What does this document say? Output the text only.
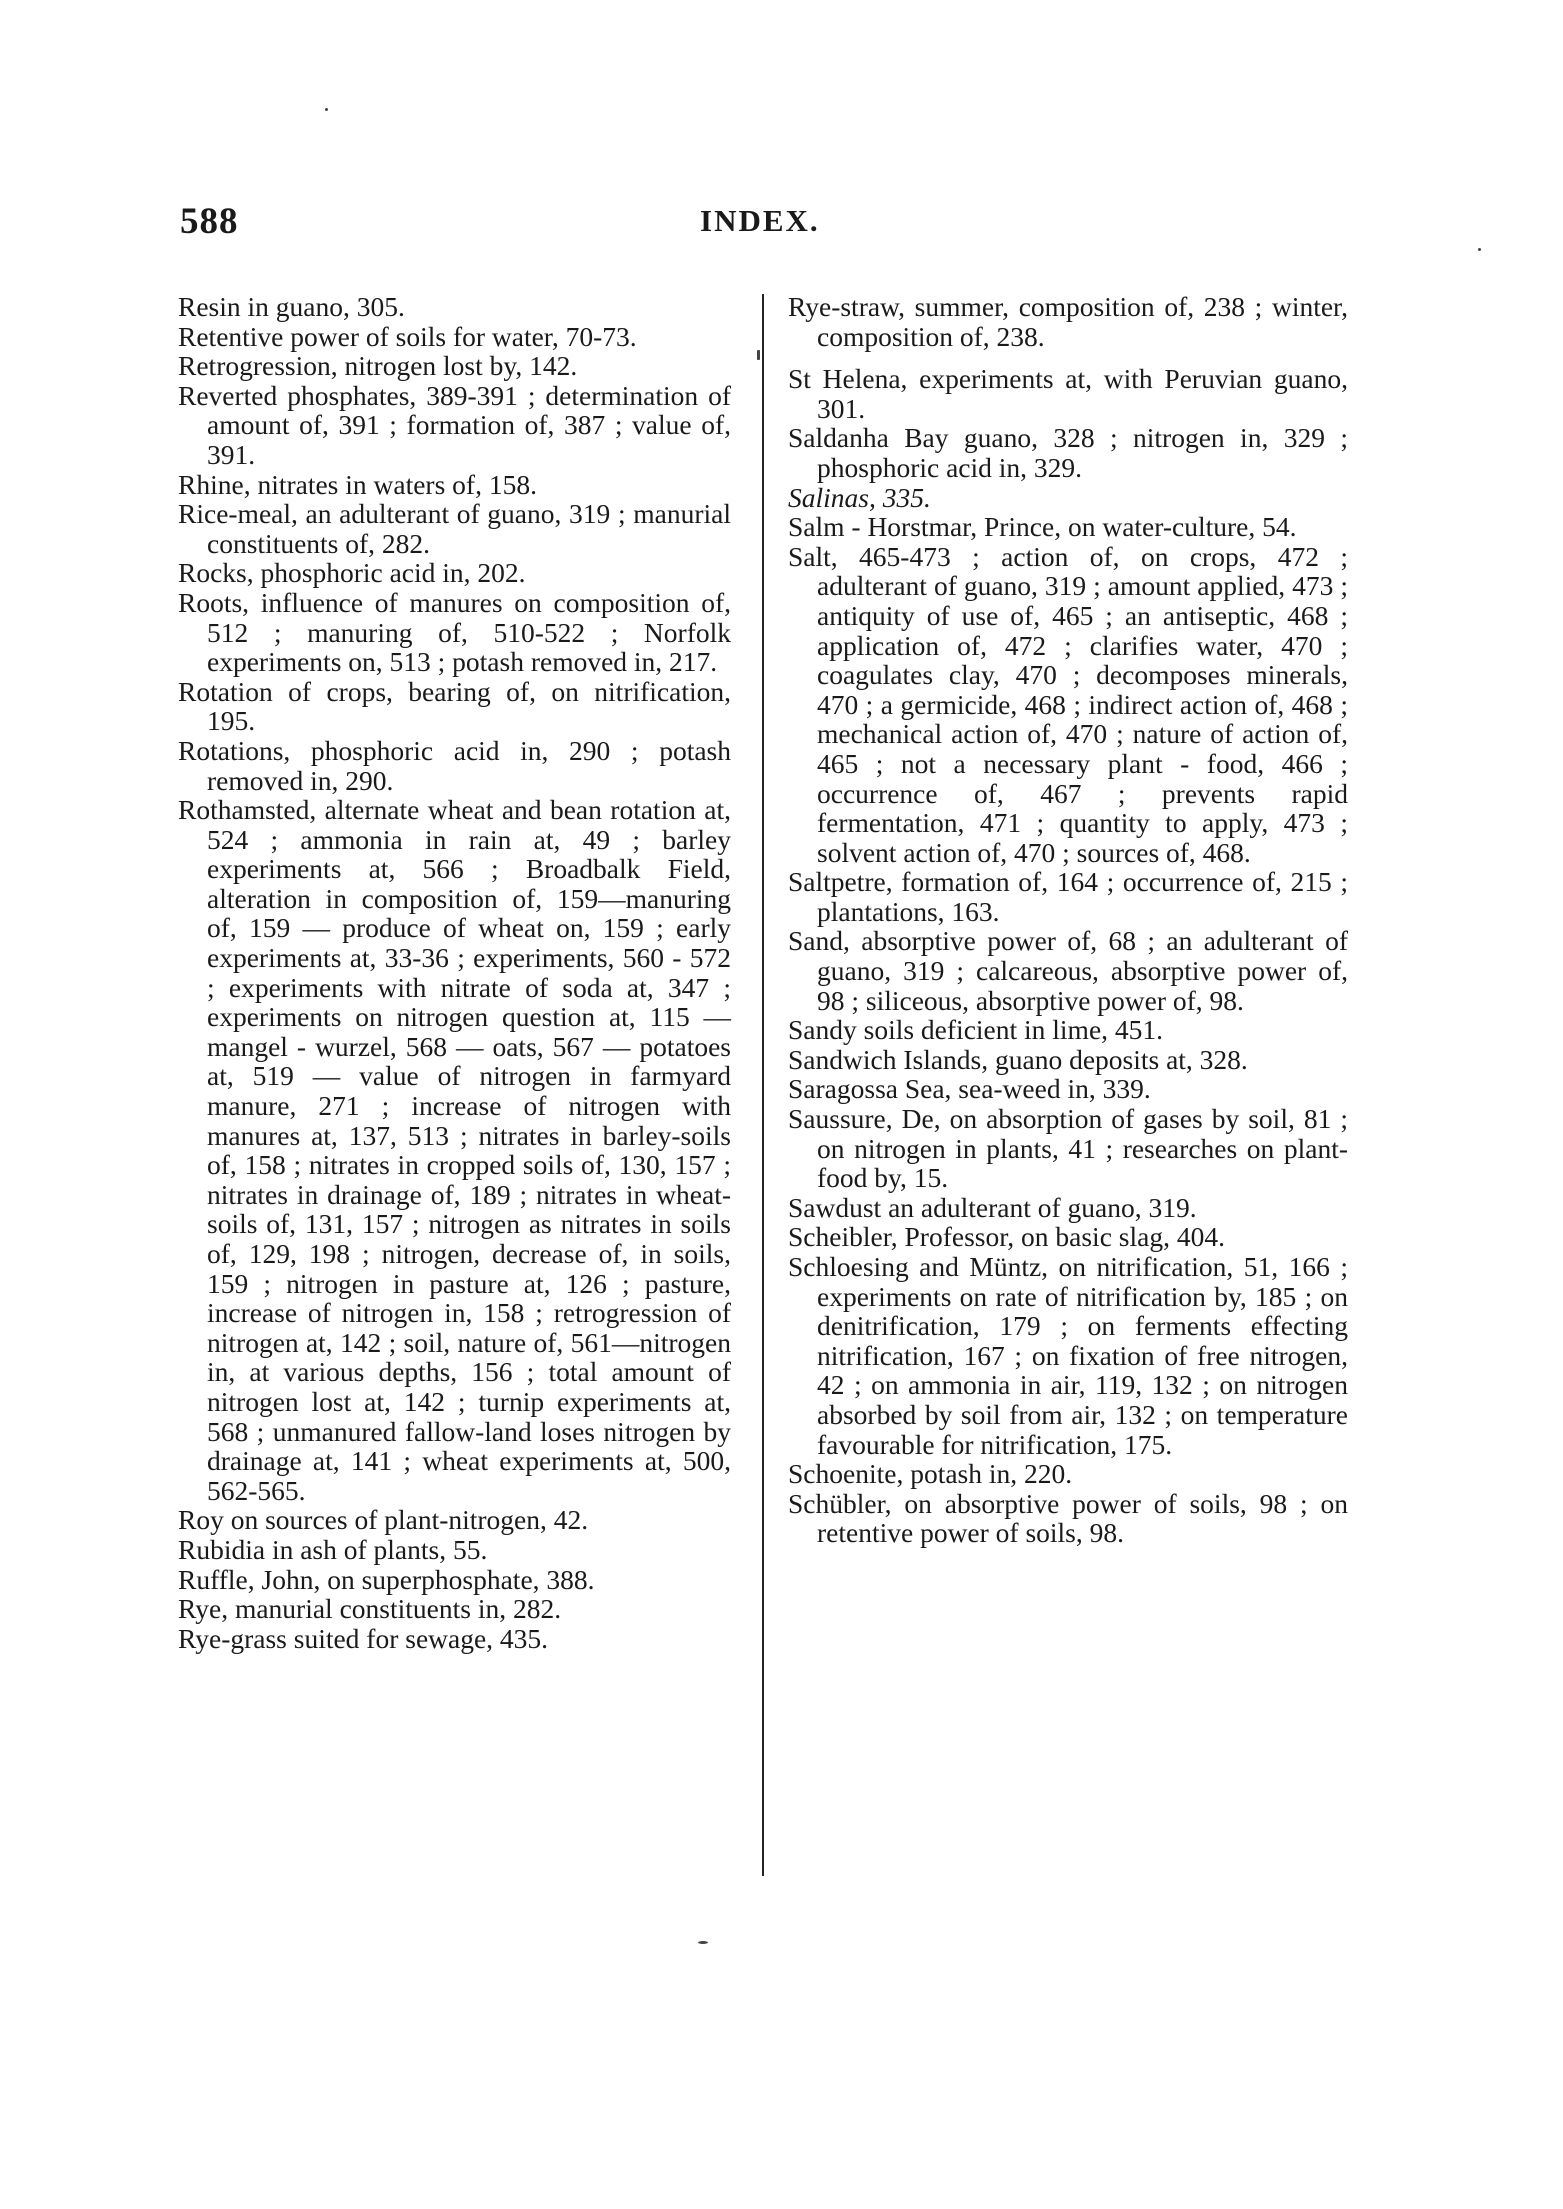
588	INDEX.

Resin in guano, 305.

Retentive power of soils for water, 70-73.

Retrogression, nitrogen lost by, 142.

Reverted phosphates, 389-391 ; determination of amount of, 391 ; formation of, 387 ; value of, 391.

Rhine, nitrates in waters of, 158.

Rice-meal, an adulterant of guano, 319 ; manurial constituents of, 282.

Rocks, phosphoric acid in, 202.

Roots, influence of manures on composition of, 512 ; manuring of, 510-522 ; Norfolk experiments on, 513 ; potash removed in, 217.

Rotation of crops, bearing of, on nitrification, 195.

Rotations, phosphoric acid in, 290 ; potash removed in, 290.

Rothamsted, alternate wheat and bean rotation at, 524 ; ammonia in rain at, 49 ; barley experiments at, 566 ; Broadbalk Field, alteration in composition of, 159—manuring of, 159 — produce of wheat on, 159 ; early experiments at, 33-36 ; experiments, 560 - 572 ; experiments with nitrate of soda at, 347 ; experiments on nitrogen question at, 115 — mangel - wurzel, 568 — oats, 567 — potatoes at, 519 — value of nitrogen in farmyard manure, 271 ; increase of nitrogen with manures at, 137, 513 ; nitrates in barley-soils of, 158 ; nitrates in cropped soils of, 130, 157 ; nitrates in drainage of, 189 ; nitrates in wheat-soils of, 131, 157 ; nitrogen as nitrates in soils of, 129, 198 ; nitrogen, decrease of, in soils, 159 ; nitrogen in pasture at, 126 ; pasture, increase of nitrogen in, 158 ; retrogression of nitrogen at, 142 ; soil, nature of, 561—nitrogen in, at various depths, 156 ; total amount of nitrogen lost at, 142 ; turnip experiments at, 568 ; unmanured fallow-land loses nitrogen by drainage at, 141 ; wheat experiments at, 500, 562-565.

Roy on sources of plant-nitrogen, 42.

Rubidia in ash of plants, 55.

Ruffle, John, on superphosphate, 388.

Rye, manurial constituents in, 282.

Rye-grass suited for sewage, 435.

Rye-straw, summer, composition of, 238 ; winter, composition of, 238.

St Helena, experiments at, with Peruvian guano, 301.

Saldanha Bay guano, 328 ; nitrogen in, 329 ; phosphoric acid in, 329.

Salinas, 335.

Salm - Horstmar, Prince, on water-culture, 54.

Salt, 465-473 ; action of, on crops, 472 ; adulterant of guano, 319 ; amount applied, 473 ; antiquity of use of, 465 ; an antiseptic, 468 ; application of, 472 ; clarifies water, 470 ; coagulates clay, 470 ; decomposes minerals, 470 ; a germicide, 468 ; indirect action of, 468 ; mechanical action of, 470 ; nature of action of, 465 ; not a necessary plant - food, 466 ; occurrence of, 467 ; prevents rapid fermentation, 471 ; quantity to apply, 473 ; solvent action of, 470 ; sources of, 468.

Saltpetre, formation of, 164 ; occurrence of, 215 ; plantations, 163.

Sand, absorptive power of, 68 ; an adulterant of guano, 319 ; calcareous, absorptive power of, 98 ; siliceous, absorptive power of, 98.

Sandy soils deficient in lime, 451.

Sandwich Islands, guano deposits at, 328.

Saragossa Sea, sea-weed in, 339.

Saussure, De, on absorption of gases by soil, 81 ; on nitrogen in plants, 41 ; researches on plant-food by, 15.

Sawdust an adulterant of guano, 319.

Scheibler, Professor, on basic slag, 404.

Schloesing and Müntz, on nitrification, 51, 166 ; experiments on rate of nitrification by, 185 ; on denitrification, 179 ; on ferments effecting nitrification, 167 ; on fixation of free nitrogen, 42 ; on ammonia in air, 119, 132 ; on nitrogen absorbed by soil from air, 132 ; on temperature favourable for nitrification, 175.

Schoenite, potash in, 220.

Schübler, on absorptive power of soils, 98 ; on retentive power of soils, 98.
